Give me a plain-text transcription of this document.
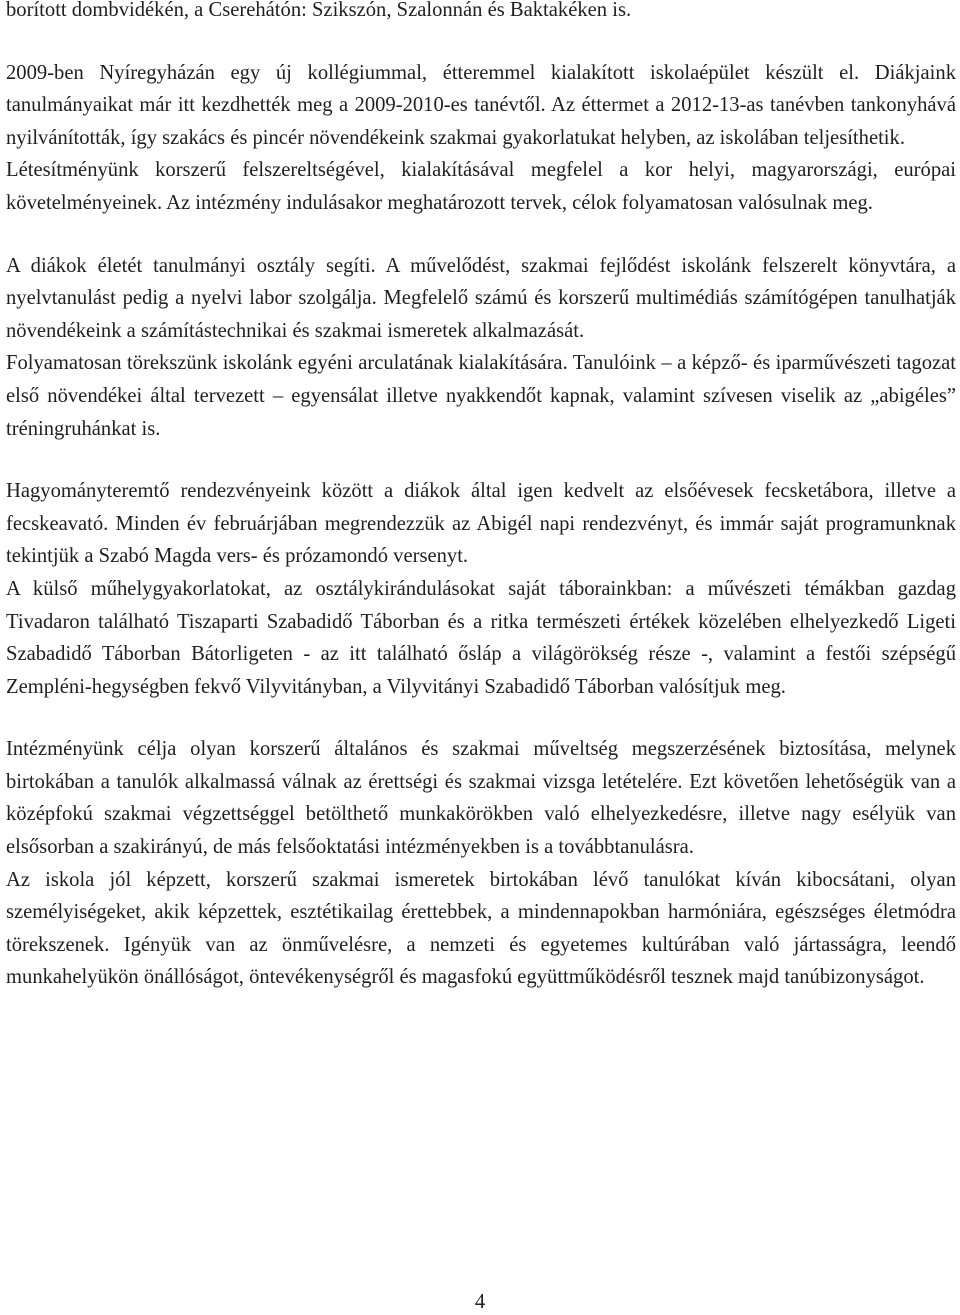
borított dombvidékén, a Cserehátón: Szikszón, Szalonnán és Baktakéken is.

2009-ben Nyíregyházán egy új kollégiummal, étteremmel kialakított iskolaépület készült el. Diákjaink tanulmányaikat már itt kezdhették meg a 2009-2010-es tanévtől. Az éttermet a 2012-13-as tanévben tankonyhává nyilvánították, így szakács és pincér növendékeink szakmai gyakorlatukat helyben, az iskolában teljesíthetik.

Létesítményünk korszerű felszereltségével, kialakításával megfelel a kor helyi, magyarországi, európai követelményeinek. Az intézmény indulásakor meghatározott tervek, célok folyamatosan valósulnak meg.

A diákok életét tanulmányi osztály segíti. A művelődést, szakmai fejlődést iskolánk felszerelt könyvtára, a nyelvtanulást pedig a nyelvi labor szolgálja. Megfelelő számú és korszerű multimédiás számítógépen tanulhatják növendékeink a számítástechnikai és szakmai ismeretek alkalmazását.

Folyamatosan törekszünk iskolánk egyéni arculatának kialakítására. Tanulóink – a képző- és iparművészeti tagozat első növendékei által tervezett – egyensálat illetve nyakkendőt kapnak, valamint szívesen viselik az „abigéles” tréningruhánkat is.

Hagyományteremtő rendezvényeink között a diákok által igen kedvelt az elsőévesek fecsketábora, illetve a fecskeavató. Minden év februárjában megrendezzük az Abigél napi rendezvényt, és immár saját programunknak tekintjük a Szabó Magda vers- és prózamondó versenyt.

A külső műhelygyakorlatokat, az osztálykirándulásokat saját táborainkban: a művészeti témákban gazdag Tivadaron található Tiszaparti Szabadidő Táborban és a ritka természeti értékek közelében elhelyezkedő Ligeti Szabadidő Táborban Bátorligeten - az itt található ősláp a világörökség része -, valamint a festői szépségű Zempléni-hegységben fekvő Vilyvitányban, a Vilyvitányi Szabadidő Táborban valósítjuk meg.

Intézményünk célja olyan korszerű általános és szakmai műveltség megszerzésének biztosítása, melynek birtokában a tanulók alkalmassá válnak az érettségi és szakmai vizsga letételére. Ezt követően lehetőségük van a középfokú szakmai végzettséggel betölthető munkakörökben való elhelyezkedésre, illetve nagy esélyük van elsősorban a szakirányú, de más felsőoktatási intézményekben is a továbbtanulásra.

Az iskola jól képzett, korszerű szakmai ismeretek birtokában lévő tanulókat kíván kibocsátani, olyan személyiségeket, akik képzettek, esztétikailag érettebbek, a mindennapokban harmóniára, egészséges életmódra törekszenek. Igényük van az önművelésre, a nemzeti és egyetemes kultúrában való jártasságra, leendő munkahelyükön önállóságot, öntevékenységről és magasfokú együttműködésről tesznek majd tanúbizonyságot.

4
